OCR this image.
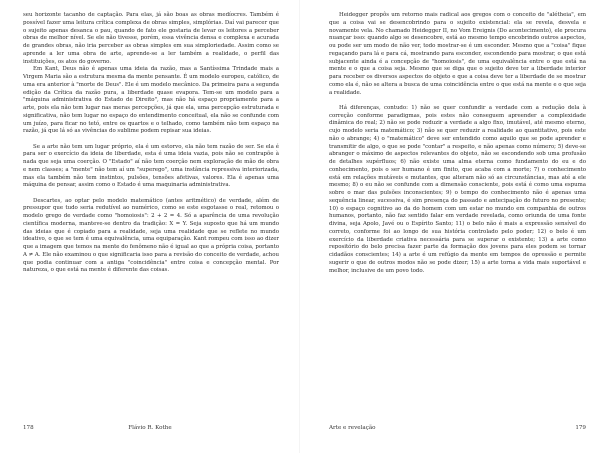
seu horizonte tacanho de captação. Para elas, já são boas as obras medíocres. Também é possível fazer uma leitura crítica complexa de obras simples, simplórias. Daí vai parecer que o sujeito apenas desanca o pau, quando de fato ele gostaria de levar os leitores a perceber obras de melhor nível. Se ele não tivesse, porém, essa vivência densa e complexa e acurada de grandes obras, não iria perceber as obras simples em sua simploriedade. Assim como se aprende a ler uma obra de arte, aprende-se a ler também a realidade, o perfil das instituições, os atos do governo.

Em Kant, Deus não é apenas uma ideia da razão, mas a Santíssima Trindade mais a Virgem Maria são a estrutura mesma da mente pensante. É um modelo europeu, católico, de uma era anterior à "morte de Deus". Ele é um modelo mecânico. Da primeira para a segunda edição da Crítica da razão pura, a liberdade quase evapora. Tem-se um modelo para a "máquina administrativa do Estado de Direito", mas não há espaço propriamente para a arte, pois ela não tem lugar nas meras percepções, já que ela, uma percepção estruturada e significativa, não tem lugar no espaço do entendimento conceitual, ela não se confunde com um juízo, para ficar no tetó, entre os quartos e o telhado, como também não tem espaço na razão, já que lá só as vivências do sublime podem repisar sua ideias.

Se a arte não tem um lugar próprio, ela é um estorvo, ela não tem razão de ser. Se ela é para ser o exercício da ideia de liberdade, esta é uma ideia vazia, pois não se contrapõe à nada que seja uma coerção. O "Estado" aí não tem coerção nem exploração de mão de obra e nem classes; a "mente" não tem aí um "superego", uma instância repressiva interiorizada, mas ela também não tem instintos, pulsões, tensões afetivas, valores. Ela é apenas uma máquina de pensar, assim como o Estado é uma maquinaria administrativa.

Descartes, ao optar pelo modelo matemático (antes aritmético) de verdade, além de pressupor que tudo seria redutível ao numérico, como se este esgotasse o real, retomou o modelo grego de verdade como "homoiosis": 2 + 2 = 4. Só a aparência de uma revolução científica moderna, manteve-se dentro da tradição: X = Y. Seja suposto que há um mundo das ideias que é copiado para a realidade, seja uma realidade que se reflete no mundo ideativo, o que se tem é uma equivalência, uma equiparação. Kant rompeu com isso ao dizer que a imagem que temos na mente do fenômeno não é igual ao que a própria coisa, portanto A ≠ A. Ele não examinou o que significaria isso para a revisão do conceito de verdade, achou que podia continuar com a antiga "coincidência" entre coisa e concepção mental. Por natureza, o que está na mente é diferente das coisas.

178	Flávio R. Kothe

Heidegger propôs um retorno mais radical aos gregos com o conceito de "alétheia", em que a coisa vai se desencobrindo para o sujeito existencial: ela se revela, desvela e novamente vela. No chamado Heidegger II, no Vom Ereignis (Do acontecimento), ele procura nuançar isso: quando algo se desencobre, está ao mesmo tempo encobrindo outros aspectos, ou pode ser um modo de não ver, todo mostrar-se é um esconder. Mesmo que a "coisa" fique regaçando para lá e para cá, mostrando para esconder, escondendo para mostrar, o que está subjacente ainda é a concepção de "homoiosis", de uma equivalência entre o que está na mente e o que a coisa seja. Mesmo que se diga que o sujeito deve ter a liberdade interior para receber os diversos aspectos do objeto e que a coisa deve ter a liberdade de se mostrar como ela é, não se altera a busca de uma coincidência entre o que está na mente e o que seja a realidade.

Há diferenças, contudo: 1) não se quer confundir a verdade com a redução dela à correção conforme paradigmas, pois estes não conseguem apreender a complexidade dinâmica do real; 2) não se pode reduzir a verdade a algo fixo, imutável, até mesmo eterno, cujo modelo seria matemático; 3) não se quer reduzir a realidade ao quantitativo, pois este não o abrange; 4) o "matemático" deve ser entendido como aquilo que se pode aprender e transmitir de algo, o que se pode "contar" a respeito, e não apenas como número; 5) deve-se abranger o máximo de aspectos relevantes do objeto, não se escondendo sob uma profusão de detalhes supérfluos; 6) não existe uma alma eterna como fundamento do eu e do conhecimento, pois o ser humano é um finito, que acaba com a morte; 7) o conhecimento está em relações mutáveis e mutantes, que alteram não só as circunstâncias, mas até a ele mesmo; 8) o eu não se confunde com a dimensão consciente, pois está é como uma espuma sobre o mar das pulsões inconscientes; 9) o tempo do conhecimento não é apenas uma sequência linear, sucessiva, é sim presença do passado e antecipação do futuro no presente; 10) o espaço cognitivo ao da do homem com um estar no mundo em companhia de outros humanos, portanto, não faz sentido falar em verdade revelada, como oriunda de uma fonte divina, seja Apolo, Javé ou o Espírito Santo; 11) o belo não é mais a expressão sensível do correto, conforme foi ao longo de sua história controlado pelo poder; 12) o belo é um exercício da liberdade criativa necessária para se superar o existente; 13) a arte como repositório do belo precisa fazer parte da formação dos jovens para eles podem se tornar cidadãos conscientes; 14) a arte é um refúgio da mente em tempos de opressão e permite sugerir o que de outros modos não se pode dizer; 15) a arte torna a vida mais suportável e melhor, inclusive de um povo todo.

Arte e revelação	179
